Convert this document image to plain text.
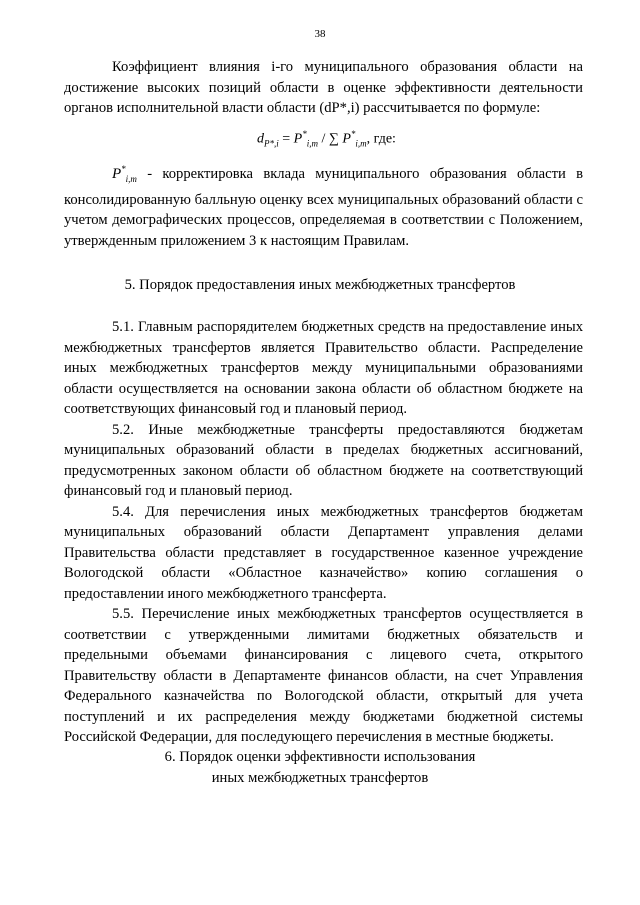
38

Коэффициент влияния i-го муниципального образования области на достижение высоких позиций области в оценке эффективности деятельности органов исполнительной власти области (dP*,i) рассчитывается по формуле:

$d_{P*,i} = P^*_{i,m}$ / ∑ $P^*_{i,m}$, где:

$P^*_{i,m}$ - корректировка вклада муниципального образования области в консолидированную балльную оценку всех муниципальных образований области с учетом демографических процессов, определяемая в соответствии с Положением, утвержденным приложением 3 к настоящим Правилам.

5. Порядок предоставления иных межбюджетных трансфертов

5.1. Главным распорядителем бюджетных средств на предоставление иных межбюджетных трансфертов является Правительство области. Распределение иных межбюджетных трансфертов между муниципальными образованиями области осуществляется на основании закона области об областном бюджете на соответствующих финансовый год и плановый период.

5.2. Иные межбюджетные трансферты предоставляются бюджетам муниципальных образований области в пределах бюджетных ассигнований, предусмотренных законом области об областном бюджете на соответствующий финансовый год и плановый период.

5.4. Для перечисления иных межбюджетных трансфертов бюджетам муниципальных образований области Департамент управления делами Правительства области представляет в государственное казенное учреждение Вологодской области «Областное казначейство» копию соглашения о предоставлении иного межбюджетного трансферта.

5.5. Перечисление иных межбюджетных трансфертов осуществляется в соответствии с утвержденными лимитами бюджетных обязательств и предельными объемами финансирования с лицевого счета, открытого Правительству области в Департаменте финансов области, на счет Управления Федерального казначейства по Вологодской области, открытый для учета поступлений и их распределения между бюджетами бюджетной системы Российской Федерации, для последующего перечисления в местные бюджеты.

6. Порядок оценки эффективности использования
иных межбюджетных трансфертов
